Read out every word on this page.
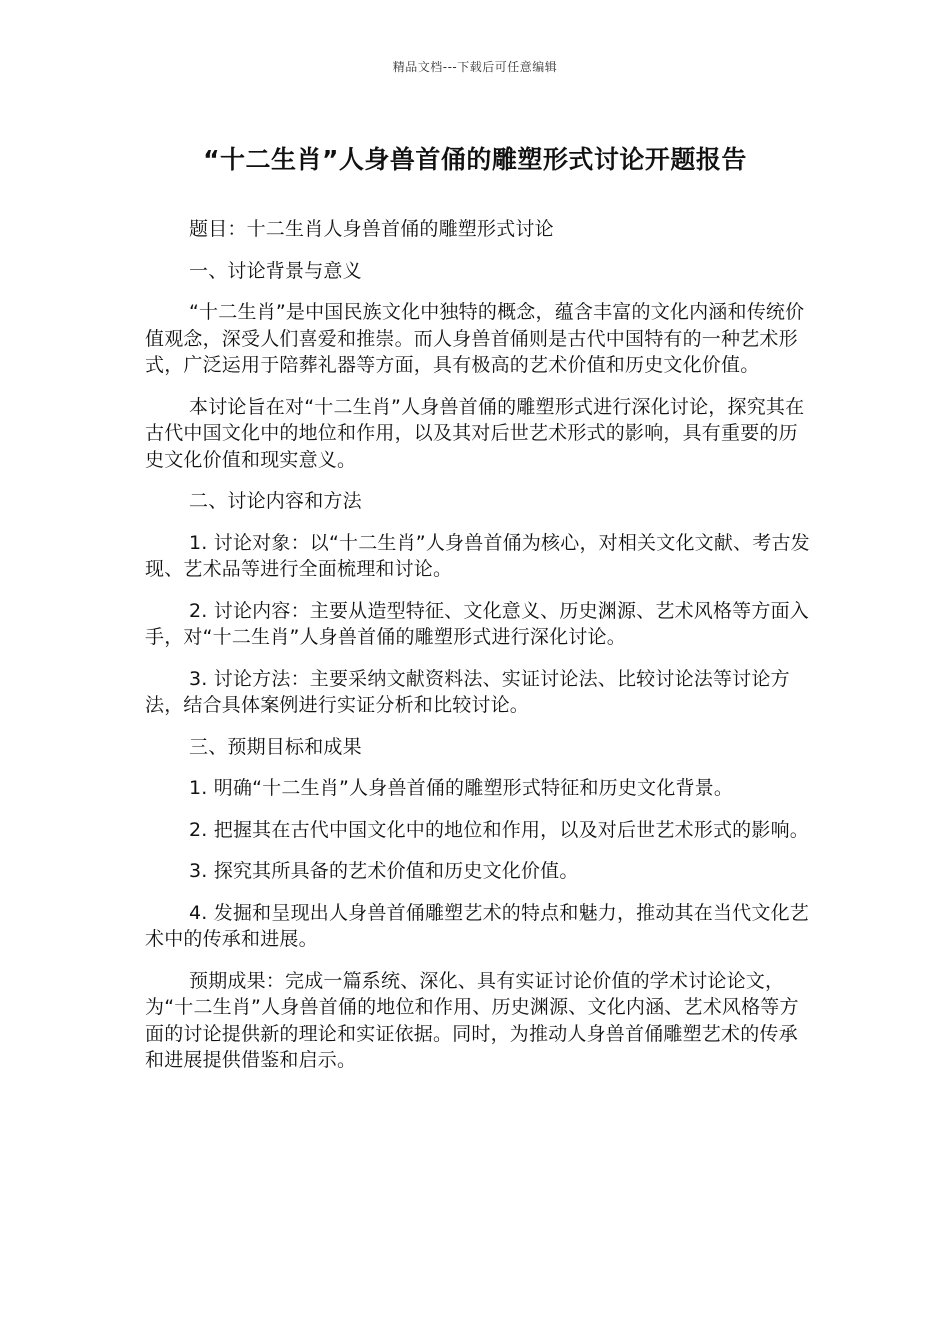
精品文档---下载后可任意编辑
“十二生肖”人身兽首俑的雕塑形式讨论开题报告

题目：十二生肖人身兽首俑的雕塑形式讨论

一、讨论背景与意义

“十二生肖”是中国民族文化中独特的概念，蕴含丰富的文化内涵和传统价值观念，深受人们喜爱和推崇。而人身兽首俑则是古代中国特有的一种艺术形式，广泛运用于陪葬礼器等方面，具有极高的艺术价值和历史文化价值。

本讨论旨在对“十二生肖”人身兽首俑的雕塑形式进行深化讨论，探究其在古代中国文化中的地位和作用，以及其对后世艺术形式的影响，具有重要的历史文化价值和现实意义。

二、讨论内容和方法

1. 讨论对象：以“十二生肖”人身兽首俑为核心，对相关文化文献、考古发现、艺术品等进行全面梳理和讨论。

2. 讨论内容：主要从造型特征、文化意义、历史渊源、艺术风格等方面入手，对“十二生肖”人身兽首俑的雕塑形式进行深化讨论。

3. 讨论方法：主要采纳文献资料法、实证讨论法、比较讨论法等讨论方法，结合具体案例进行实证分析和比较讨论。

三、预期目标和成果

1. 明确“十二生肖”人身兽首俑的雕塑形式特征和历史文化背景。

2. 把握其在古代中国文化中的地位和作用，以及对后世艺术形式的影响。

3. 探究其所具备的艺术价值和历史文化价值。

4. 发掘和呈现出人身兽首俑雕塑艺术的特点和魅力，推动其在当代文化艺术中的传承和进展。

预期成果：完成一篇系统、深化、具有实证讨论价值的学术讨论论文，为“十二生肖”人身兽首俑的地位和作用、历史渊源、文化内涵、艺术风格等方面的讨论提供新的理论和实证依据。同时，为推动人身兽首俑雕塑艺术的传承和进展提供借鉴和启示。
